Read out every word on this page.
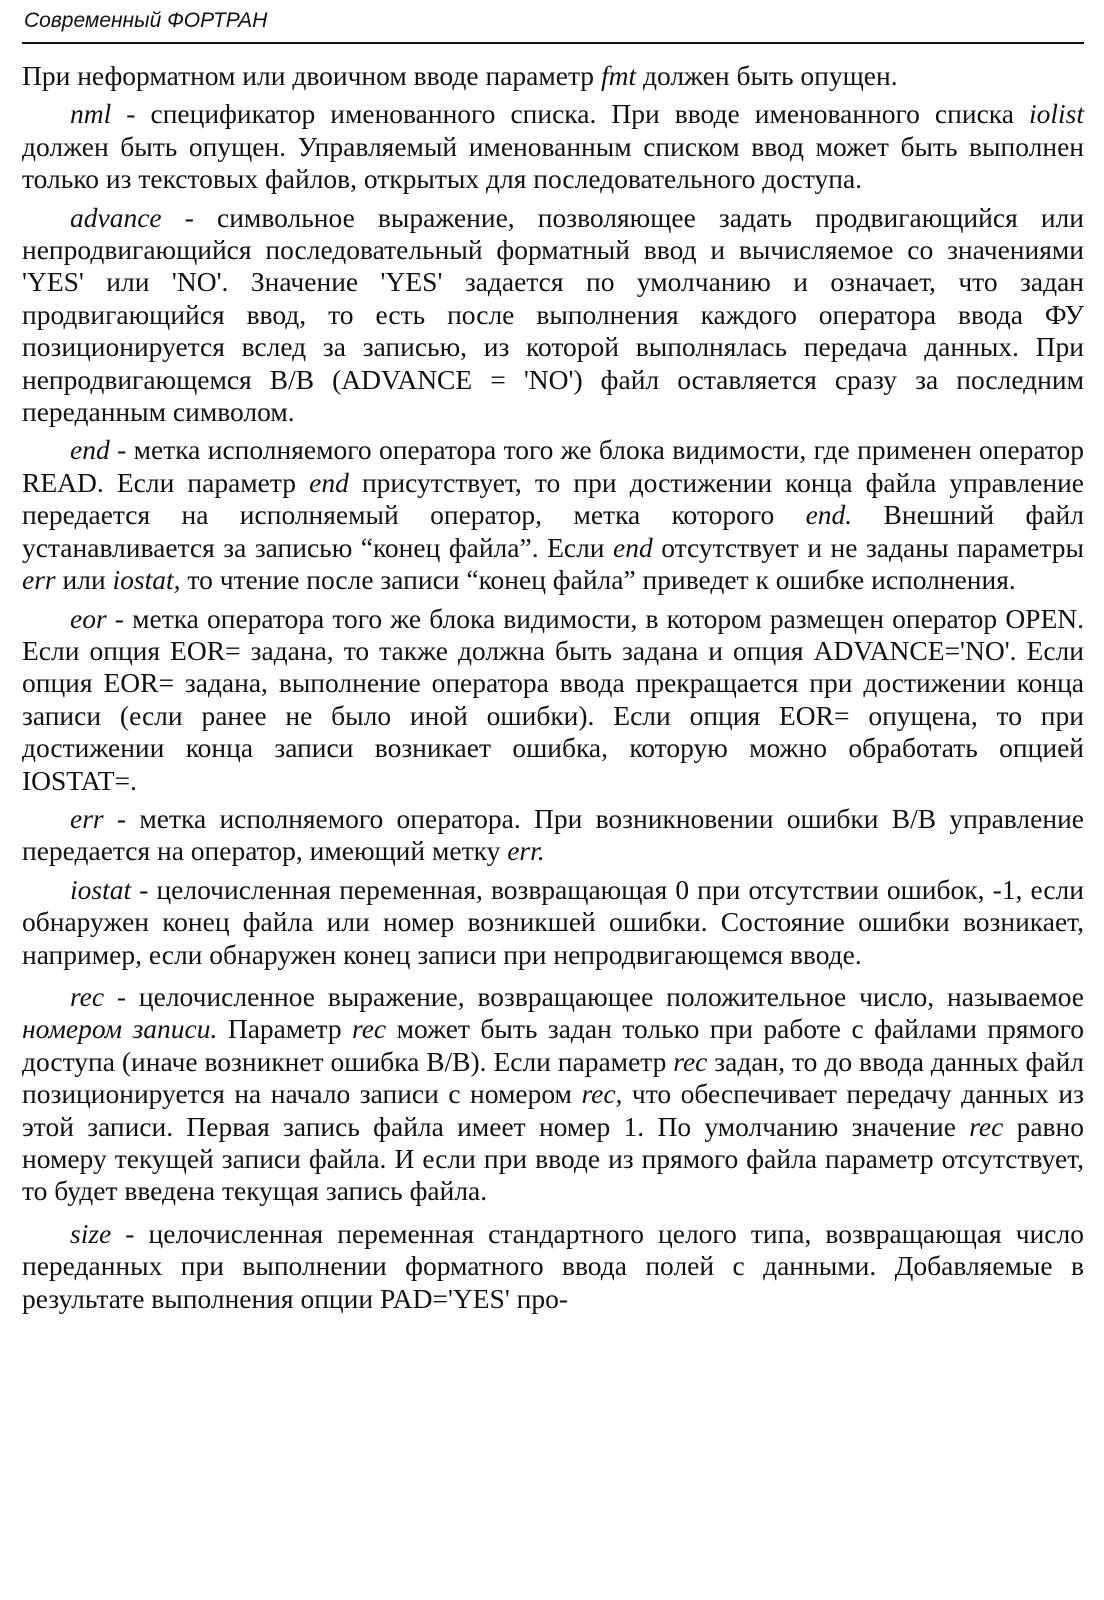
Современный ФОРТРАН

При неформатном или двоичном вводе параметр fmt должен быть опущен.

nml - спецификатор именованного списка. При вводе именованного списка iolist должен быть опущен. Управляемый именованным списком ввод может быть выполнен только из текстовых файлов, открытых для последовательного доступа.

advance - символьное выражение, позволяющее задать продвигающийся или непродвигающийся последовательный форматный ввод и вычисляемое со значениями 'YES' или 'NO'. Значение 'YES' задается по умолчанию и означает, что задан продвигающийся ввод, то есть после выполнения каждого оператора ввода ФУ позиционируется вслед за записью, из которой выполнялась передача данных. При непродвигающемся В/В (ADVANCE = 'NO') файл оставляется сразу за последним переданным символом.

end - метка исполняемого оператора того же блока видимости, где применен оператор READ. Если параметр end присутствует, то при достижении конца файла управление передается на исполняемый оператор, метка которого end. Внешний файл устанавливается за записью “конец файла”. Если end отсутствует и не заданы параметры err или iostat, то чтение после записи “конец файла” приведет к ошибке исполнения.

eor - метка оператора того же блока видимости, в котором размещен оператор OPEN. Если опция EOR= задана, то также должна быть задана и опция ADVANCE='NO'. Если опция EOR= задана, выполнение оператора ввода прекращается при достижении конца записи (если ранее не было иной ошибки). Если опция EOR= опущена, то при достижении конца записи возникает ошибка, которую можно обработать опцией IOSTAT=.

err - метка исполняемого оператора. При возникновении ошибки В/В управление передается на оператор, имеющий метку err.

iostat - целочисленная переменная, возвращающая 0 при отсутствии ошибок, -1, если обнаружен конец файла или номер возникшей ошибки. Состояние ошибки возникает, например, если обнаружен конец записи при непродвигающемся вводе.

rec - целочисленное выражение, возвращающее положительное число, называемое номером записи. Параметр rec может быть задан только при работе с файлами прямого доступа (иначе возникнет ошибка В/В). Если параметр rec задан, то до ввода данных файл позиционируется на начало записи с номером rec, что обеспечивает передачу данных из этой записи. Первая запись файла имеет номер 1. По умолчанию значение rec равно номеру текущей записи файла. И если при вводе из прямого файла параметр отсутствует, то будет введена текущая запись файла.

size - целочисленная переменная стандартного целого типа, возвращающая число переданных при выполнении форматного ввода полей с данными. Добавляемые в результате выполнения опции PAD='YES' про-
